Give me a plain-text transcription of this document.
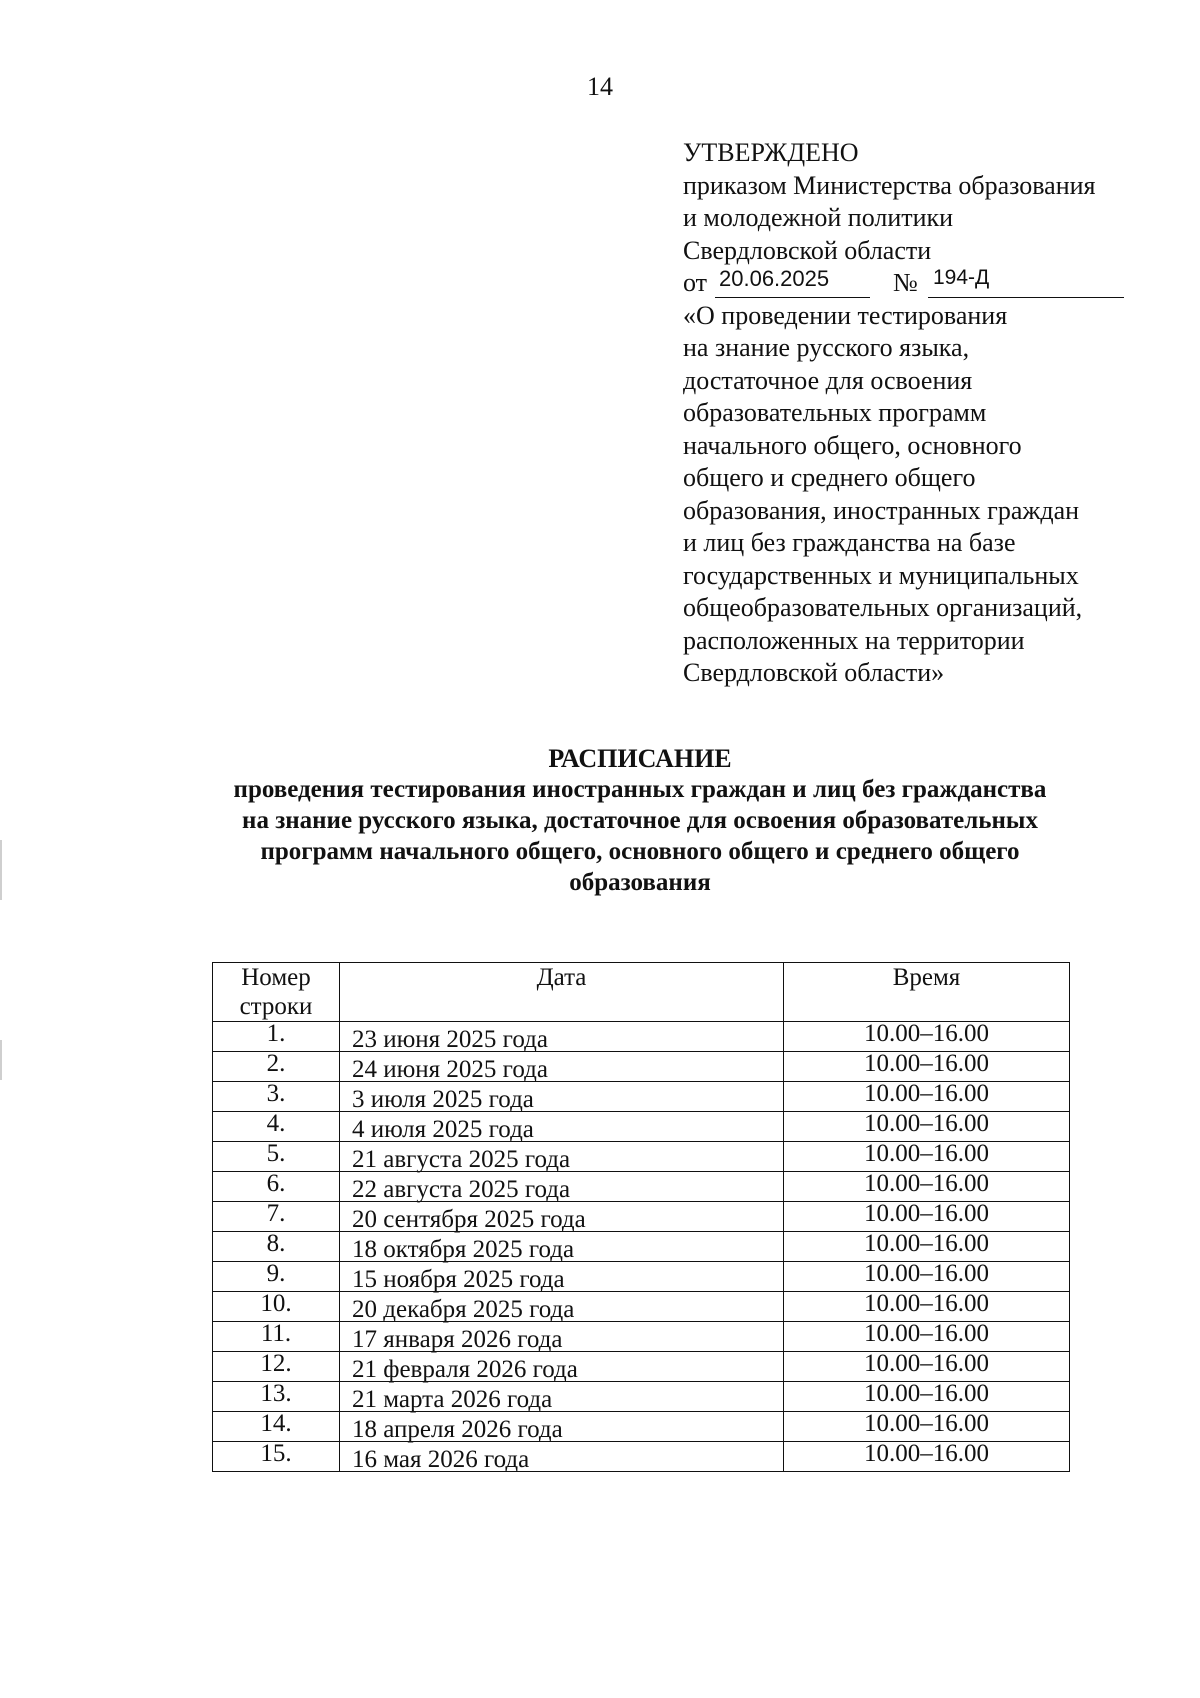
14
УТВЕРЖДЕНО
приказом Министерства образования
и молодежной политики
Свердловской области
от 20.06.2025 № 194-Д
«О проведении тестирования
на знание русского языка,
достаточное для освоения
образовательных программ
начального общего, основного
общего и среднего общего
образования, иностранных граждан
и лиц без гражданства на базе
государственных и муниципальных
общеобразовательных организаций,
расположенных на территории
Свердловской области»
РАСПИСАНИЕ
проведения тестирования иностранных граждан и лиц без гражданства
на знание русского языка, достаточное для освоения образовательных
программ начального общего, основного общего и среднего общего
образования
Номер строки	Дата	Время
1.	23 июня 2025 года	10.00–16.00
2.	24 июня 2025 года	10.00–16.00
3.	3 июля 2025 года	10.00–16.00
4.	4 июля 2025 года	10.00–16.00
5.	21 августа 2025 года	10.00–16.00
6.	22 августа 2025 года	10.00–16.00
7.	20 сентября 2025 года	10.00–16.00
8.	18 октября 2025 года	10.00–16.00
9.	15 ноября 2025 года	10.00–16.00
10.	20 декабря 2025 года	10.00–16.00
11.	17 января 2026 года	10.00–16.00
12.	21 февраля 2026 года	10.00–16.00
13.	21 марта 2026 года	10.00–16.00
14.	18 апреля 2026 года	10.00–16.00
15.	16 мая 2026 года	10.00–16.00
